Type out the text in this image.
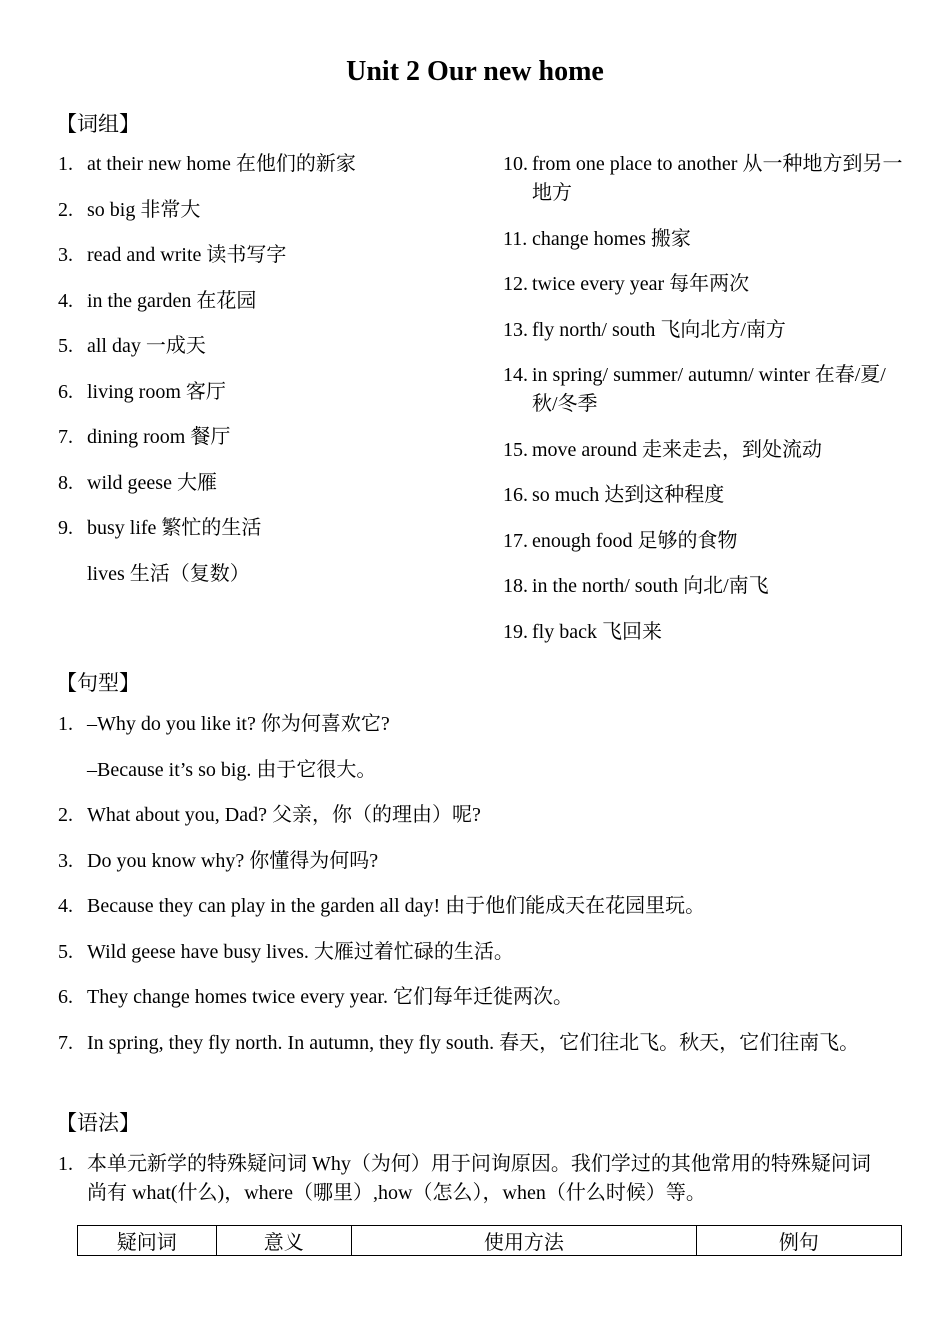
Unit 2 Our new home
【词组】
1. at their new home 在他们的新家
2. so big 非常大
3. read and write 读书写字
4. in the garden 在花园
5. all day 一成天
6. living room 客厅
7. dining room 餐厅
8. wild geese 大雁
9. busy life 繁忙的生活
lives 生活（复数）
10. from one place to another 从一种地方到另一地方
11. change homes 搬家
12. twice every year 每年两次
13. fly north/ south 飞向北方/南方
14. in spring/ summer/ autumn/ winter 在春/夏/秋/冬季
15. move around 走来走去，到处流动
16. so much 达到这种程度
17. enough food 足够的食物
18. in the north/ south 向北/南飞
19. fly back 飞回来
【句型】
1. –Why do you like it? 你为何喜欢它?
–Because it’s so big. 由于它很大。
2. What about you, Dad? 父亲，你（的理由）呢?
3. Do you know why? 你懂得为何吗?
4. Because they can play in the garden all day! 由于他们能成天在花园里玩。
5. Wild geese have busy lives. 大雁过着忙碌的生活。
6. They change homes twice every year. 它们每年迁徙两次。
7. In spring, they fly north. In autumn, they fly south. 春天，它们往北飞。秋天，它们往南飞。
【语法】
1. 本单元新学的特殊疑问词 Why（为何）用于问询原因。我们学过的其他常用的特殊疑问词尚有 what(什么)，where（哪里）,how（怎么），when（什么时候）等。
疑问词	意义	使用方法	例句
